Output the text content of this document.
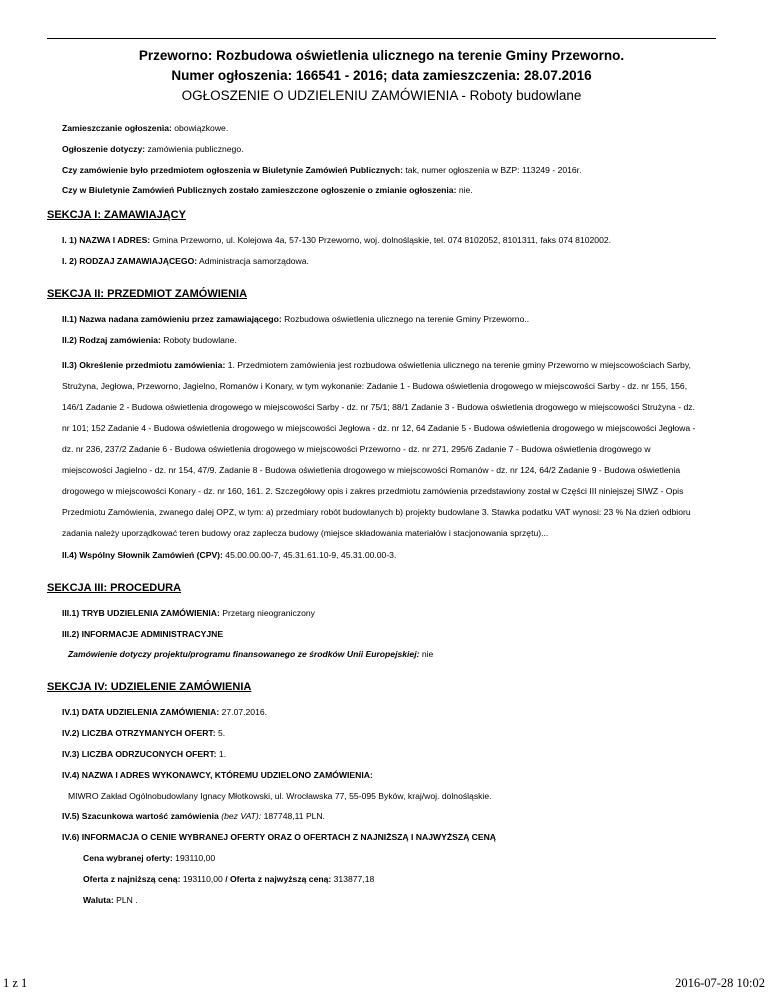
Przeworno: Rozbudowa oświetlenia ulicznego na terenie Gminy Przeworno.
Numer ogłoszenia: 166541 - 2016; data zamieszczenia: 28.07.2016
OGŁOSZENIE O UDZIELENIU ZAMÓWIENIA - Roboty budowlane
Zamieszczanie ogłoszenia: obowiązkowe.
Ogłoszenie dotyczy: zamówienia publicznego.
Czy zamówienie było przedmiotem ogłoszenia w Biuletynie Zamówień Publicznych: tak, numer ogłoszenia w BZP: 113249 - 2016r.
Czy w Biuletynie Zamówień Publicznych zostało zamieszczone ogłoszenie o zmianie ogłoszenia: nie.
SEKCJA I: ZAMAWIAJĄCY
I. 1) NAZWA I ADRES: Gmina Przeworno, ul. Kolejowa 4a, 57-130 Przeworno, woj. dolnośląskie, tel. 074 8102052, 8101311, faks 074 8102002.
I. 2) RODZAJ ZAMAWIAJĄCEGO: Administracja samorządowa.
SEKCJA II: PRZEDMIOT ZAMÓWIENIA
II.1) Nazwa nadana zamówieniu przez zamawiającego: Rozbudowa oświetlenia ulicznego na terenie Gminy Przeworno..
II.2) Rodzaj zamówienia: Roboty budowlane.
II.3) Określenie przedmiotu zamówienia: 1. Przedmiotem zamówienia jest rozbudowa oświetlenia ulicznego na terenie gminy Przeworno w miejscowościach Sarby, Strużyna, Jegłowa, Przeworno, Jagielno, Romanów i Konary, w tym wykonanie: Zadanie 1 - Budowa oświetlenia drogowego w miejscowości Sarby - dz. nr 155, 156, 146/1 Zadanie 2 - Budowa oświetlenia drogowego w miejscowości Sarby - dz. nr 75/1; 88/1 Zadanie 3 - Budowa oświetlenia drogowego w miejscowości Strużyna - dz. nr 101; 152 Zadanie 4 - Budowa oświetlenia drogowego w miejscowości Jegłowa - dz. nr 12, 64 Zadanie 5 - Budowa oświetlenia drogowego w miejscowości Jegłowa - dz. nr 236, 237/2 Zadanie 6 - Budowa oświetlenia drogowego w miejscowości Przeworno - dz. nr 271, 295/6 Zadanie 7 - Budowa oświetlenia drogowego w miejscowości Jagielno - dz. nr 154, 47/9. Zadanie 8 - Budowa oświetlenia drogowego w miejscowości Romanów - dz. nr 124, 64/2 Zadanie 9 - Budowa oświetlenia drogowego w miejscowości Konary - dz. nr 160, 161. 2. Szczegółowy opis i zakres przedmiotu zamówienia przedstawiony został w Części III niniejszej SIWZ - Opis Przedmiotu Zamówienia, zwanego dalej OPZ, w tym: a) przedmiary robót budowlanych b) projekty budowlane 3. Stawka podatku VAT wynosi: 23 % Na dzień odbioru zadania należy uporządkować teren budowy oraz zaplecza budowy (miejsce składowania materiałów i stacjonowania sprzętu)...
II.4) Wspólny Słownik Zamówień (CPV): 45.00.00.00-7, 45.31.61.10-9, 45.31.00.00-3.
SEKCJA III: PROCEDURA
III.1) TRYB UDZIELENIA ZAMÓWIENIA: Przetarg nieograniczony
III.2) INFORMACJE ADMINISTRACYJNE
Zamówienie dotyczy projektu/programu finansowanego ze środków Unii Europejskiej: nie
SEKCJA IV: UDZIELENIE ZAMÓWIENIA
IV.1) DATA UDZIELENIA ZAMÓWIENIA: 27.07.2016.
IV.2) LICZBA OTRZYMANYCH OFERT: 5.
IV.3) LICZBA ODRZUCONYCH OFERT: 1.
IV.4) NAZWA I ADRES WYKONAWCY, KTÓREMU UDZIELONO ZAMÓWIENIA:
MIWRO Zakład Ogólnobudowlany Ignacy Młotkowski, ul. Wrocławska 77, 55-095 Byków, kraj/woj. dolnośląskie.
IV.5) Szacunkowa wartość zamówienia (bez VAT): 187748,11 PLN.
IV.6) INFORMACJA O CENIE WYBRANEJ OFERTY ORAZ O OFERTACH Z NAJNIŻSZĄ I NAJWYŻSZĄ CENĄ
Cena wybranej oferty: 193110,00
Oferta z najniższą ceną: 193110,00 / Oferta z najwyższą ceną: 313877,18
Waluta: PLN .
1 z 1	2016-07-28 10:02
